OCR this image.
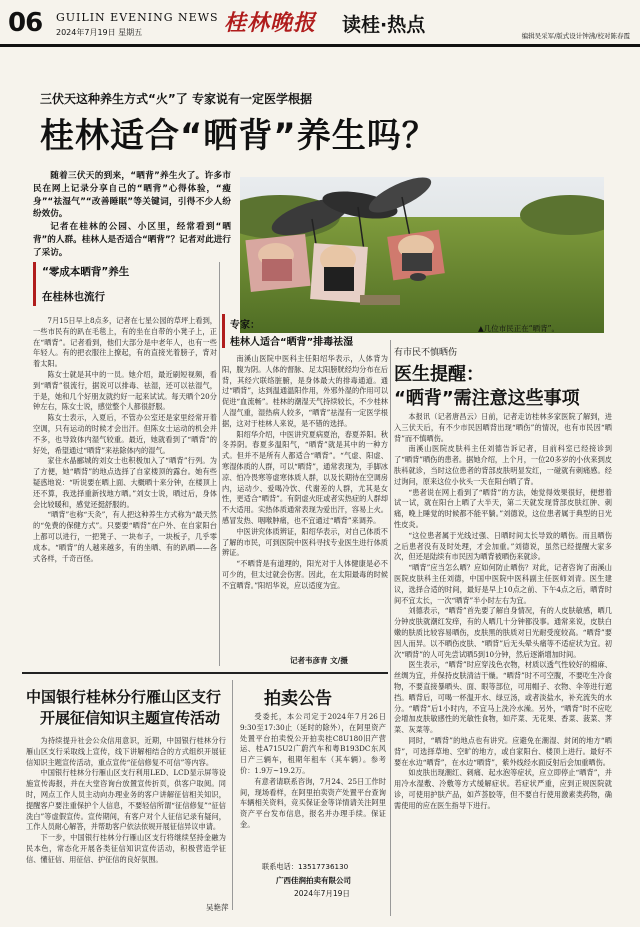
06 GUILIN EVENING NEWS
2024年7月19日 星期五	桂林晚报 读桂·热点	编辑吴采军/版式设计钟沸/校对陈春霞
三伏天这种养生方式“火”了 专家说有一定医学根据
桂林适合“晒背”养生吗？

随着三伏天的到来，“晒背”养生火了。许多市民在网上记录分享自己的“晒背”心得体验，“瘦身”“祛湿气”“改善睡眠”等关键词，引得不少人纷纷效仿。

记者在桂林的公园、小区里，经常看到“晒背”的人群。桂林人是否适合“晒背”？记者对此进行了采访。

▲几位市民正在“晒背”。
“零成本晒背”养生
在桂林也流行

7月15日早上8点多，记者在七星公园的草坪上看到，一些市民有的趴在毛毯上，有的坐在自带的小凳子上，正在“晒背”。记者看到，他们大部分是中老年人，也有一些年轻人。有的把衣服往上撩起，有的直接光着膀子，背对着太阳。

陈女士就是其中的一员。她介绍，最近刷短视频，看到“晒背”很流行，据说可以排毒、祛湿，还可以祛湿气，于是，她和几个好朋友就约好一起来试试。每天晒个20分钟左右，陈女士说，感觉整个人都很舒服。

陈女士表示，入夏后，不管办公室还是家里经常开着空调，只有运动的时候才会出汗。但陈女士运动的机会并不多，也导致体内湿气较重。最近，她就看到了“晒背”的好处，希望通过“晒背”来祛除体内的湿气。

家住水晶郦城的刘女士也积极加入了“晒背”行列。为了方便，她“晒背”的地点选择了自家楼顶的露台。她有些疑惑地说：“听说要在晒上面、大概晒十来分钟，在楼顶上还不算，我选择重新找地方晒。”刘女士说，晒过后，身体会比较暖和，感觉还挺舒服的。

“晒背”也称“天灸”，有人把这种养生方式称为“最天然的“免费的保健方式”。只要要“晒背”在户外、在自家阳台上都可以进行，一把凳子、一块布子，一块板子，几乎零成本。“晒背”的人越来越多，有的坐晒、有的趴晒——各式各样，千奇百怪。

专家：
桂林人适合“晒背”排毒祛湿

南溪山医院中医科主任阳绍华表示，人体背为阳，腹为阴。人体的督脉、足太阳膀胱经均分布在后背，其经穴联络脏腑，是身体最大的排毒通道。通过“晒背”，达到温通温阳作用，外邪外湿的作用可以促进“血流畅”。桂林的潮湿天气持续较长，不少桂林人湿气重，湿热病人较多，“晒背”祛湿有一定医学根据，这对于桂林人来说，是不错的选择。

阳绍华介绍，中医讲究夏病夏治，春夏养阳。秋冬养阴。春夏多温阳气，“晒背”就是其中的一种方式。但并不是所有人都适合“晒背”。“气虚、阳虚、寒湿体质的人群，可以“晒背”，通常表现为，手脚冰凉、怕冷畏寒等虚寒体质人群，以及长期待在空调房内，运动少、爱喝冷饮、代谢差的人群，尤其是女性，更适合“晒背”。有阴虚火旺或者实热症的人群却不大适用。实热体质通常表现为爱出汗，容易上火。感冒发热、咽喉肿痛，也不宜通过“晒背”来调养。

中医讲究体质辨证，阳绍华表示，对自己体质不了解的市民，可到医院中医科寻找专业医生进行体质辨证。

“不晒背是有道理的，阳光对于人体健康是必不可少的，但太过就会伤害。因此，在太阳最毒的时候不宜晒背。”阳绍华说，应以适度为宜。

记者韦彦青 文/摄
有市民不慎晒伤
医生提醒：
“晒背”需注意这些事项

本报讯（记者唐昌云）日前，记者走访桂林多家医院了解到，进入三伏天后，有不少市民因晒背出现“晒伤”的情况，也有市民因“晒背”而不慎晒伤。

南溪山医院皮肤科主任刘德告诉记者，目前科室已经接诊到了“晒背”晒伤的患者。据她介绍，上个月，一位20多岁的小伙来到皮肤科就诊，当时这位患者的背部皮肤明显发红，一碰就有刺痛感。经过询问，原来这位小伙头一天在阳台晒了背。

“患者说在网上看到了“晒背”的方法，她觉得效果很好，便想着试一试，就在阳台上晒了大半天，第二天就发现背部皮肤红肿、刺痛，晚上睡觉的时候都不能平躺。”刘德说，这位患者属于典型的日光性皮炎。

“这位患者属于光线过强、日晒时间太长导致的晒伤。而且晒伤之后患者没有及时处理，才会加重。”刘德说，虽然已经提醒大家多次，但还是陆续有市民因为晒背被晒伤来就诊。

“晒背”应当怎么晒？应如何防止晒伤？对此，记者咨询了南溪山医院皮肤科主任刘德，中国中医院中医科副主任医师刘青。医生建议，选择合适的时间，最好是早上10点之前、下午4点之后，晒背时间不宜太长，一次“晒背”半小时左右为宜。

刘德表示，“晒背”首先要了解自身情况，有的人皮肤敏感，晒几分钟皮肤就潮红发痒，有的人晒几十分钟都没事。通常来说，皮肤白嫩的肤质比较容易晒伤，皮肤黑的肤质对日光耐受度较高。“晒背”要因人而异。以不晒伤皮肤、“晒背”后无头晕头痛等不适症状为宜。初次“晒背”的人可先尝试晒5到10分钟，然后逐渐增加时间。

医生表示，“晒背”时应穿浅色衣物，材质以透气性较好的棉麻、丝绸为宜，并保持皮肤清洁干燥。“晒背”时不可空腹，不要吃生冷食物，不要直接暴晒头、面、眼等部位，可用帽子、衣物、伞等进行遮挡。晒背后，可喝一杯温开水、绿豆汤，或者淡盐水，补充流失的水分。“晒背”后1小时内，不宜马上洗冷水澡。另外，“晒背”时不应吃会增加皮肤敏感性的光敏性食物，如芹菜、无花果、香菜、菠菜、荠菜、灰菜等。

同时，“晒背”的地点也有讲究。应避免在潮湿、封闭的地方“晒背”，可选择草地、空旷的地方，或自家阳台、楼顶上进行。最好不要在水边“晒背”，在水边“晒背”，紫外线经水面反射后会加重晒伤。

如皮肤出现潮红、刺痛、起水泡等症状，应立即停止“晒背”，并用冷水湿敷、冷敷等方式缓解症状。若症状严重，应到正规医院就诊，可使用护肤产品，如芦荟胶等，但不要自行使用激素类药物，确需使用的应在医生指导下进行。

中国银行桂林分行雁山区支行
开展征信知识主题宣传活动

为持续提升社会公众信用意识，近期，中国银行桂林分行雁山区支行采取线上宣传，线下讲解相结合的方式组织开展征信知识主题宣传活动，重点宣传“征信修复不可信”等内容。

中国银行桂林分行雁山区支行利用LED、LCD显示屏等设施宣传海报，并在大堂咨询台放置宣传折页，供客户取阅。同时，网点工作人员主动向办理业务的客户讲解征信相关知识，提醒客户要注重保护个人信息，不要轻信所谓“征信修复”“征信洗白”等虚假宣传。宣传期间，有客户对个人征信记录有疑问，工作人员耐心解答，并帮助客户依法依规开展征信异议申请。

下一步，中国银行桂林分行雁山区支行将继续坚持金融为民本色，常态化开展各类征信知识宣传活动，积极营造学征信、懂征信、用征信、护征信的良好氛围。

吴艳萍
拍卖公告

受委托，本公司定于2024年7月26日9:30至17:30止（延时的除外），在阿里资产处置平台拍卖悦公开拍卖桂C8U180旧产营运、桂A715U2广蔚汽车和粤B193DC东风日产三辆车，租期年租车（其车辆）。参考价：1.9万~19.2万。

有意者请联系咨询，7月24、25日工作时间，现场看样，在阿里拍卖资产处置平台查询车辆相关资料，竞买保证金等详情请关注阿里资产平台发布信息，报名并办理手续。保证金。

联系电话：13517736130
广西佳润拍卖有限公司
2024年7月19日
